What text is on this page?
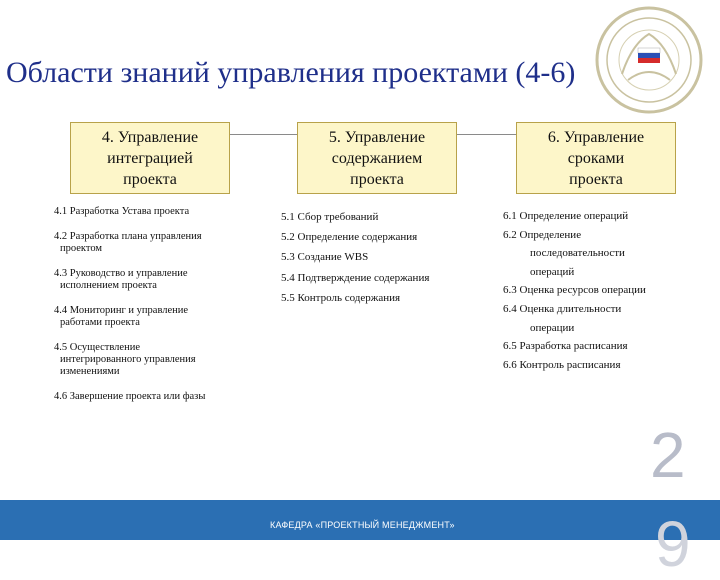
Области знаний управления проектами (4-6)
4. Управление
интеграцией
проекта
5. Управление
содержанием
проекта
6. Управление
сроками
проекта
4.1 Разработка Устава проекта
4.2 Разработка плана управления
проектом
4.3 Руководство и управление
исполнением проекта
4.4 Мониторинг и управление
работами проекта
4.5 Осуществление
интегрированного управления
изменениями
4.6 Завершение проекта или фазы
5.1 Сбор требований
5.2 Определение содержания
5.3 Создание WBS
5.4 Подтверждение содержания
5.5 Контроль содержания
6.1 Определение операций
6.2 Определение
последовательности
операций
6.3 Оценка ресурсов операции
6.4 Оценка длительности
операции
6.5 Разработка расписания
6.6 Контроль расписания
2
КАФЕДРА «ПРОЕКТНЫЙ МЕНЕДЖМЕНТ»	9
